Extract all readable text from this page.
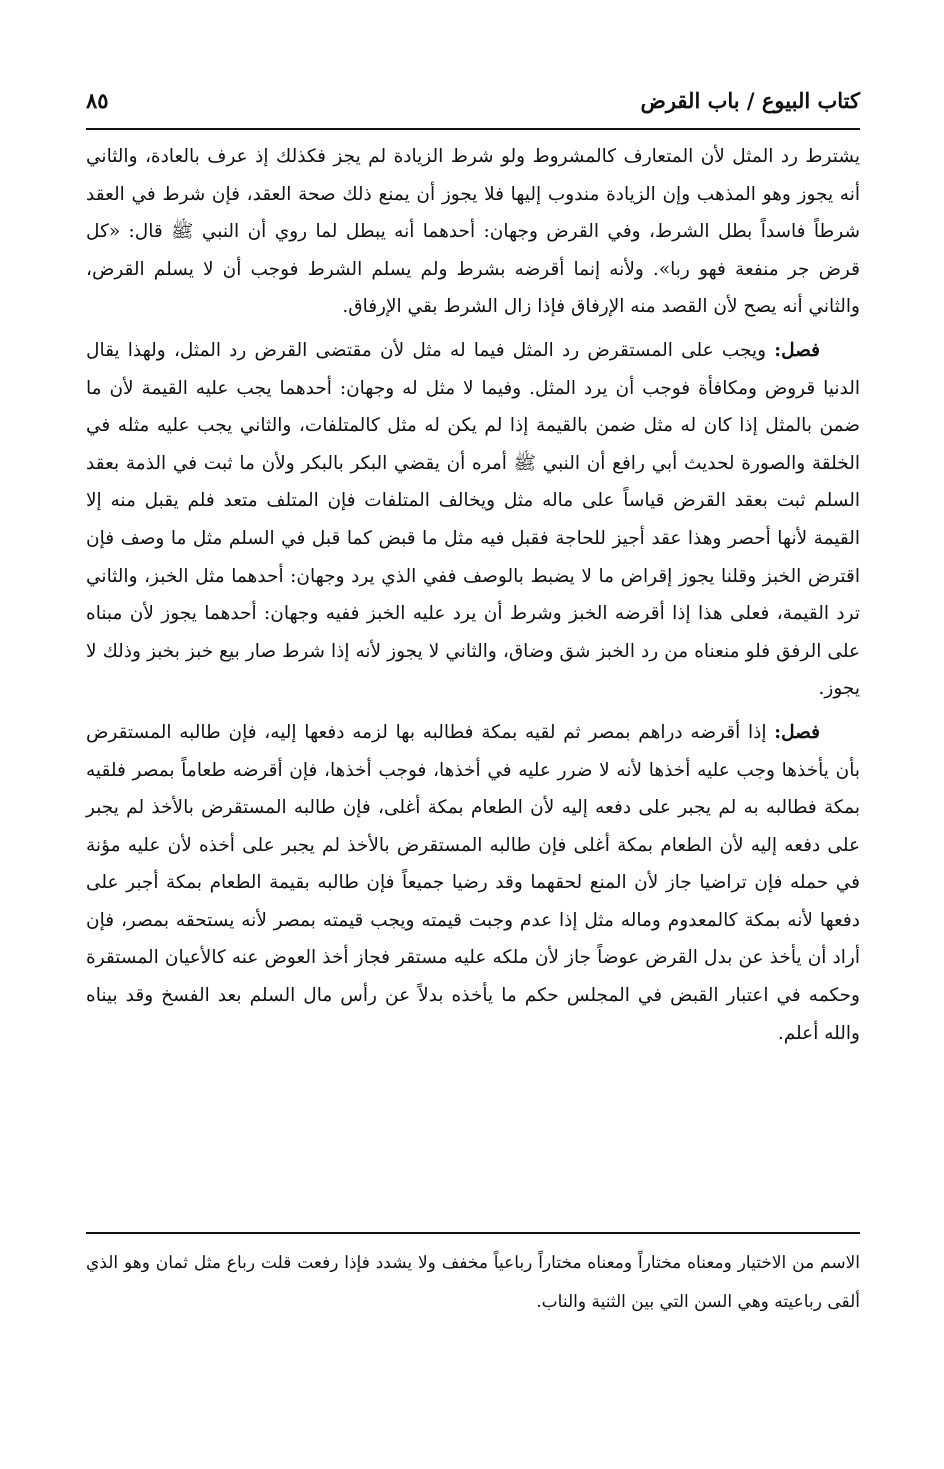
كتاب البيوع / باب القرض
٨٥

يشترط رد المثل لأن المتعارف كالمشروط ولو شرط الزيادة لم يجز فكذلك إذ عرف بالعادة، والثاني أنه يجوز وهو المذهب وإن الزيادة مندوب إليها فلا يجوز أن يمنع ذلك صحة العقد، فإن شرط في العقد شرطاً فاسداً بطل الشرط، وفي القرض وجهان: أحدهما أنه يبطل لما روي أن النبي ﷺ قال: «كل قرض جر منفعة فهو ربا». ولأنه إنما أقرضه بشرط ولم يسلم الشرط فوجب أن لا يسلم القرض، والثاني أنه يصح لأن القصد منه الإرفاق فإذا زال الشرط بقي الإرفاق.

فصل: ويجب على المستقرض رد المثل فيما له مثل لأن مقتضى القرض رد المثل، ولهذا يقال الدنيا قروض ومكافأة فوجب أن يرد المثل. وفيما لا مثل له وجهان: أحدهما يجب عليه القيمة لأن ما ضمن بالمثل إذا كان له مثل ضمن بالقيمة إذا لم يكن له مثل كالمتلفات، والثاني يجب عليه مثله في الخلقة والصورة لحديث أبي رافع أن النبي ﷺ أمره أن يقضي البكر بالبكر ولأن ما ثبت في الذمة بعقد السلم ثبت بعقد القرض قياساً على ماله مثل ويخالف المتلفات فإن المتلف متعد فلم يقبل منه إلا القيمة لأنها أحصر وهذا عقد أجيز للحاجة فقبل فيه مثل ما قبض كما قبل في السلم مثل ما وصف فإن اقترض الخبز وقلنا يجوز إقراض ما لا يضبط بالوصف ففي الذي يرد وجهان: أحدهما مثل الخبز، والثاني ترد القيمة، فعلى هذا إذا أقرضه الخبز وشرط أن يرد عليه الخبز ففيه وجهان: أحدهما يجوز لأن مبناه على الرفق فلو منعناه من رد الخبز شق وضاق، والثاني لا يجوز لأنه إذا شرط صار بيع خبز بخبز وذلك لا يجوز.

فصل: إذا أقرضه دراهم بمصر ثم لقيه بمكة فطالبه بها لزمه دفعها إليه، فإن طالبه المستقرض بأن يأخذها وجب عليه أخذها لأنه لا ضرر عليه في أخذها، فوجب أخذها، فإن أقرضه طعاماً بمصر فلقيه بمكة فطالبه به لم يجبر على دفعه إليه لأن الطعام بمكة أغلى، فإن طالبه المستقرض بالأخذ لم يجبر على دفعه إليه لأن الطعام بمكة أغلى فإن طالبه المستقرض بالأخذ لم يجبر على أخذه لأن عليه مؤنة في حمله فإن تراضيا جاز لأن المنع لحقهما وقد رضيا جميعاً فإن طالبه بقيمة الطعام بمكة أجبر على دفعها لأنه بمكة كالمعدوم وماله مثل إذا عدم وجبت قيمته ويجب قيمته بمصر لأنه يستحقه بمصر، فإن أراد أن يأخذ عن بدل القرض عوضاً جاز لأن ملكه عليه مستقر فجاز أخذ العوض عنه كالأعيان المستقرة وحكمه في اعتبار القبض في المجلس حكم ما يأخذه بدلاً عن رأس مال السلم بعد الفسخ وقد بيناه والله أعلم.

الاسم من الاختيار ومعناه مختاراً ومعناه مختاراً رباعياً مخفف ولا يشدد فإذا رفعت قلت رباع مثل ثمان وهو الذي ألقى رباعيته وهي السن التي بين الثنية والناب.
